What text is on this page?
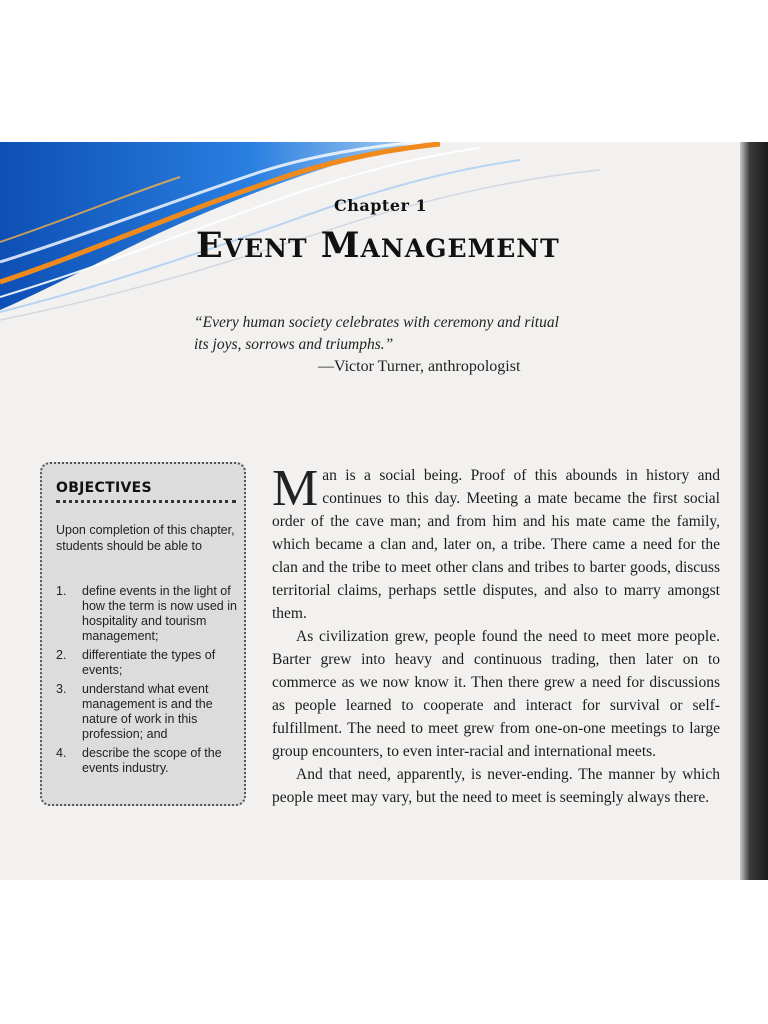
Chapter 1
Event Management
“Every human society celebrates with ceremony and ritual its joys, sorrows and triumphs.”
—Victor Turner, anthropologist
OBJECTIVES
Upon completion of this chapter, students should be able to
1. define events in the light of how the term is now used in hospitality and tourism management;
2. differentiate the types of events;
3. understand what event management is and the nature of work in this profession; and
4. describe the scope of the events industry.

Man is a social being. Proof of this abounds in history and continues to this day. Meeting a mate became the first social order of the cave man; and from him and his mate came the family, which became a clan and, later on, a tribe. There came a need for the clan and the tribe to meet other clans and tribes to barter goods, discuss territorial claims, perhaps settle disputes, and also to marry amongst them.

As civilization grew, people found the need to meet more people. Barter grew into heavy and continuous trading, then later on to commerce as we now know it. Then there grew a need for discussions as people learned to cooperate and interact for survival or self-fulfillment. The need to meet grew from one-on-one meetings to large group encounters, to even inter-racial and international meets.

And that need, apparently, is never-ending. The manner by which people meet may vary, but the need to meet is seemingly always there.
